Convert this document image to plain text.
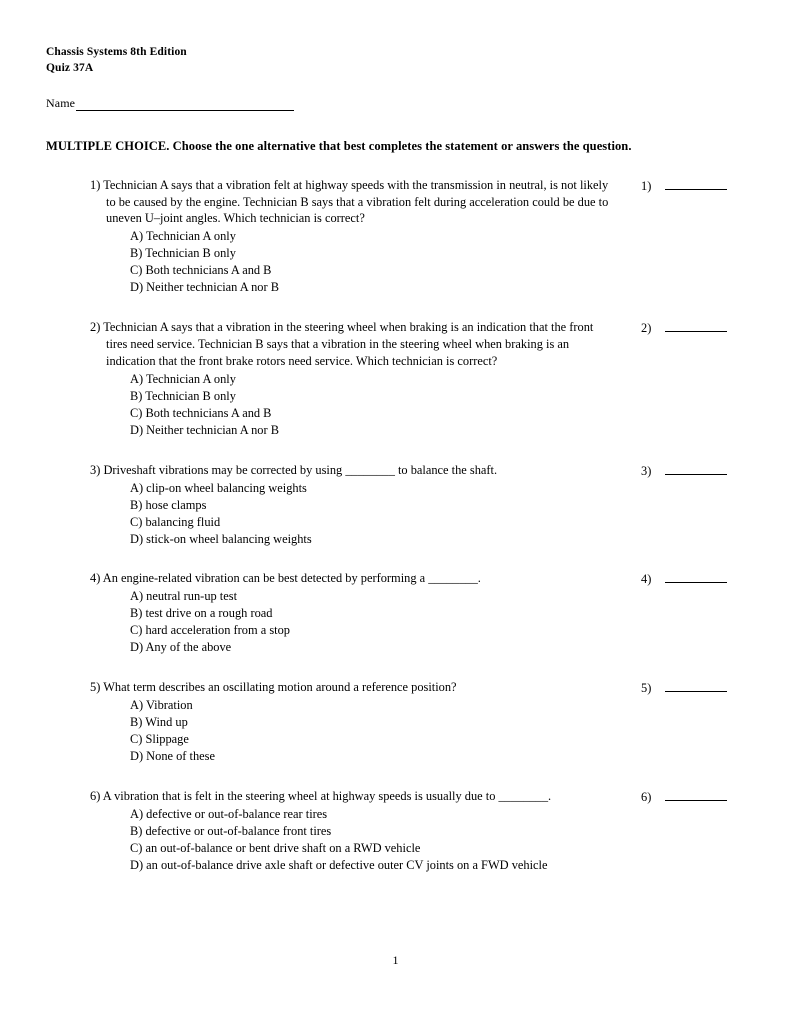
Chassis Systems 8th Edition
Quiz 37A
Name
MULTIPLE CHOICE. Choose the one alternative that best completes the statement or answers the question.
1) Technician A says that a vibration felt at highway speeds with the transmission in neutral, is not likely to be caused by the engine. Technician B says that a vibration felt during acceleration could be due to uneven U–joint angles. Which technician is correct?
A) Technician A only
B) Technician B only
C) Both technicians A and B
D) Neither technician A nor B
1)
2) Technician A says that a vibration in the steering wheel when braking is an indication that the front tires need service. Technician B says that a vibration in the steering wheel when braking is an indication that the front brake rotors need service. Which technician is correct?
A) Technician A only
B) Technician B only
C) Both technicians A and B
D) Neither technician A nor B
2)
3) Driveshaft vibrations may be corrected by using ________ to balance the shaft.
A) clip-on wheel balancing weights
B) hose clamps
C) balancing fluid
D) stick-on wheel balancing weights
3)
4) An engine-related vibration can be best detected by performing a ________.
A) neutral run-up test
B) test drive on a rough road
C) hard acceleration from a stop
D) Any of the above
4)
5) What term describes an oscillating motion around a reference position?
A) Vibration
B) Wind up
C) Slippage
D) None of these
5)
6) A vibration that is felt in the steering wheel at highway speeds is usually due to ________.
A) defective or out-of-balance rear tires
B) defective or out-of-balance front tires
C) an out-of-balance or bent drive shaft on a RWD vehicle
D) an out-of-balance drive axle shaft or defective outer CV joints on a FWD vehicle
6)
1
